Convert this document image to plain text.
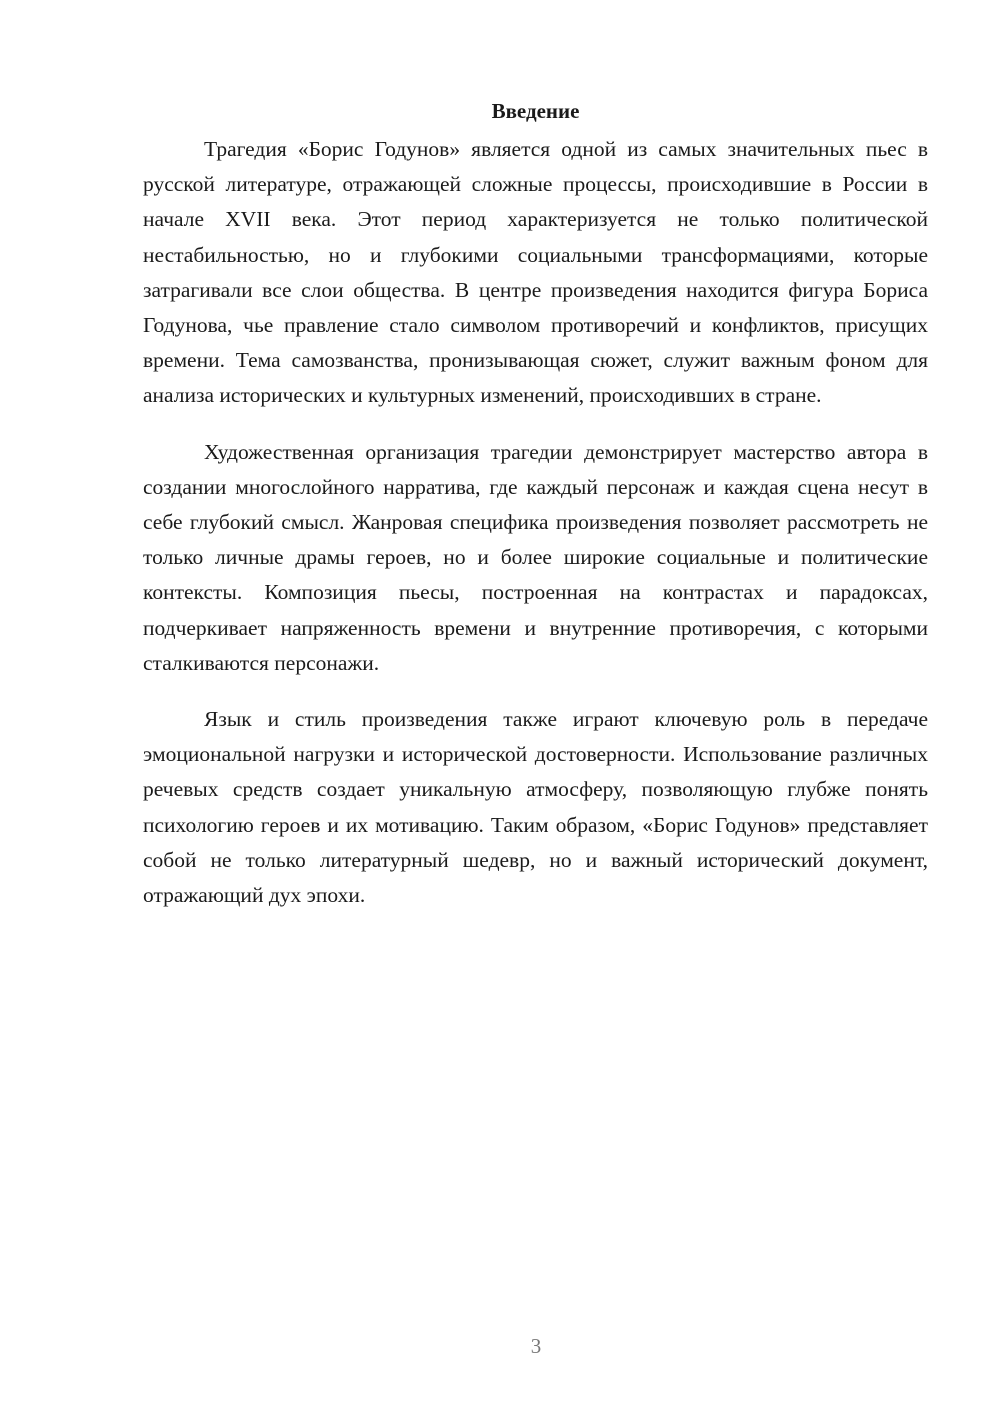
Введение

Трагедия «Борис Годунов» является одной из самых значительных пьес в русской литературе, отражающей сложные процессы, происходившие в России в начале XVII века. Этот период характеризуется не только политической нестабильностью, но и глубокими социальными трансформациями, которые затрагивали все слои общества. В центре произведения находится фигура Бориса Годунова, чье правление стало символом противоречий и конфликтов, присущих времени. Тема самозванства, пронизывающая сюжет, служит важным фоном для анализа исторических и культурных изменений, происходивших в стране.

Художественная организация трагедии демонстрирует мастерство автора в создании многослойного нарратива, где каждый персонаж и каждая сцена несут в себе глубокий смысл. Жанровая специфика произведения позволяет рассмотреть не только личные драмы героев, но и более широкие социальные и политические контексты. Композиция пьесы, построенная на контрастах и парадоксах, подчеркивает напряженность времени и внутренние противоречия, с которыми сталкиваются персонажи.

Язык и стиль произведения также играют ключевую роль в передаче эмоциональной нагрузки и исторической достоверности. Использование различных речевых средств создает уникальную атмосферу, позволяющую глубже понять психологию героев и их мотивацию. Таким образом, «Борис Годунов» представляет собой не только литературный шедевр, но и важный исторический документ, отражающий дух эпохи.

3
